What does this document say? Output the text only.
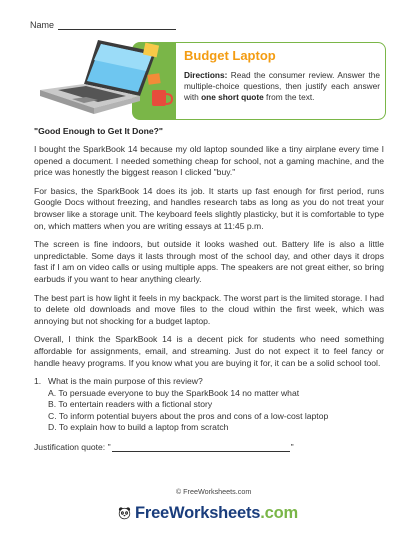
Name
Budget Laptop
Directions: Read the consumer review. Answer the multiple-choice questions, then justify each answer with one short quote from the text.
"Good Enough to Get It Done?"

I bought the SparkBook 14 because my old laptop sounded like a tiny airplane every time I opened a document. I needed something cheap for school, not a gaming machine, and the price was honestly the biggest reason I clicked "buy."

For basics, the SparkBook 14 does its job. It starts up fast enough for first period, runs Google Docs without freezing, and handles research tabs as long as you do not treat your browser like a storage unit. The keyboard feels slightly plasticky, but it is comfortable to type on, which matters when you are writing essays at 11:45 p.m.

The screen is fine indoors, but outside it looks washed out. Battery life is also a little unpredictable. Some days it lasts through most of the school day, and other days it drops fast if I am on video calls or using multiple apps. The speakers are not great either, so bring earbuds if you want to hear anything clearly.

The best part is how light it feels in my backpack. The worst part is the limited storage. I had to delete old downloads and move files to the cloud within the first week, which was annoying but not shocking for a budget laptop.

Overall, I think the SparkBook 14 is a decent pick for students who need something affordable for assignments, email, and streaming. Just do not expect it to feel fancy or handle heavy programs. If you know what you are buying it for, it can be a solid school tool.

1. What is the main purpose of this review?
A. To persuade everyone to buy the SparkBook 14 no matter what
B. To entertain readers with a fictional story
C. To inform potential buyers about the pros and cons of a low-cost laptop
D. To explain how to build a laptop from scratch
Justification quote: "	"
© FreeWorksheets.com
FreeWorksheets.com
